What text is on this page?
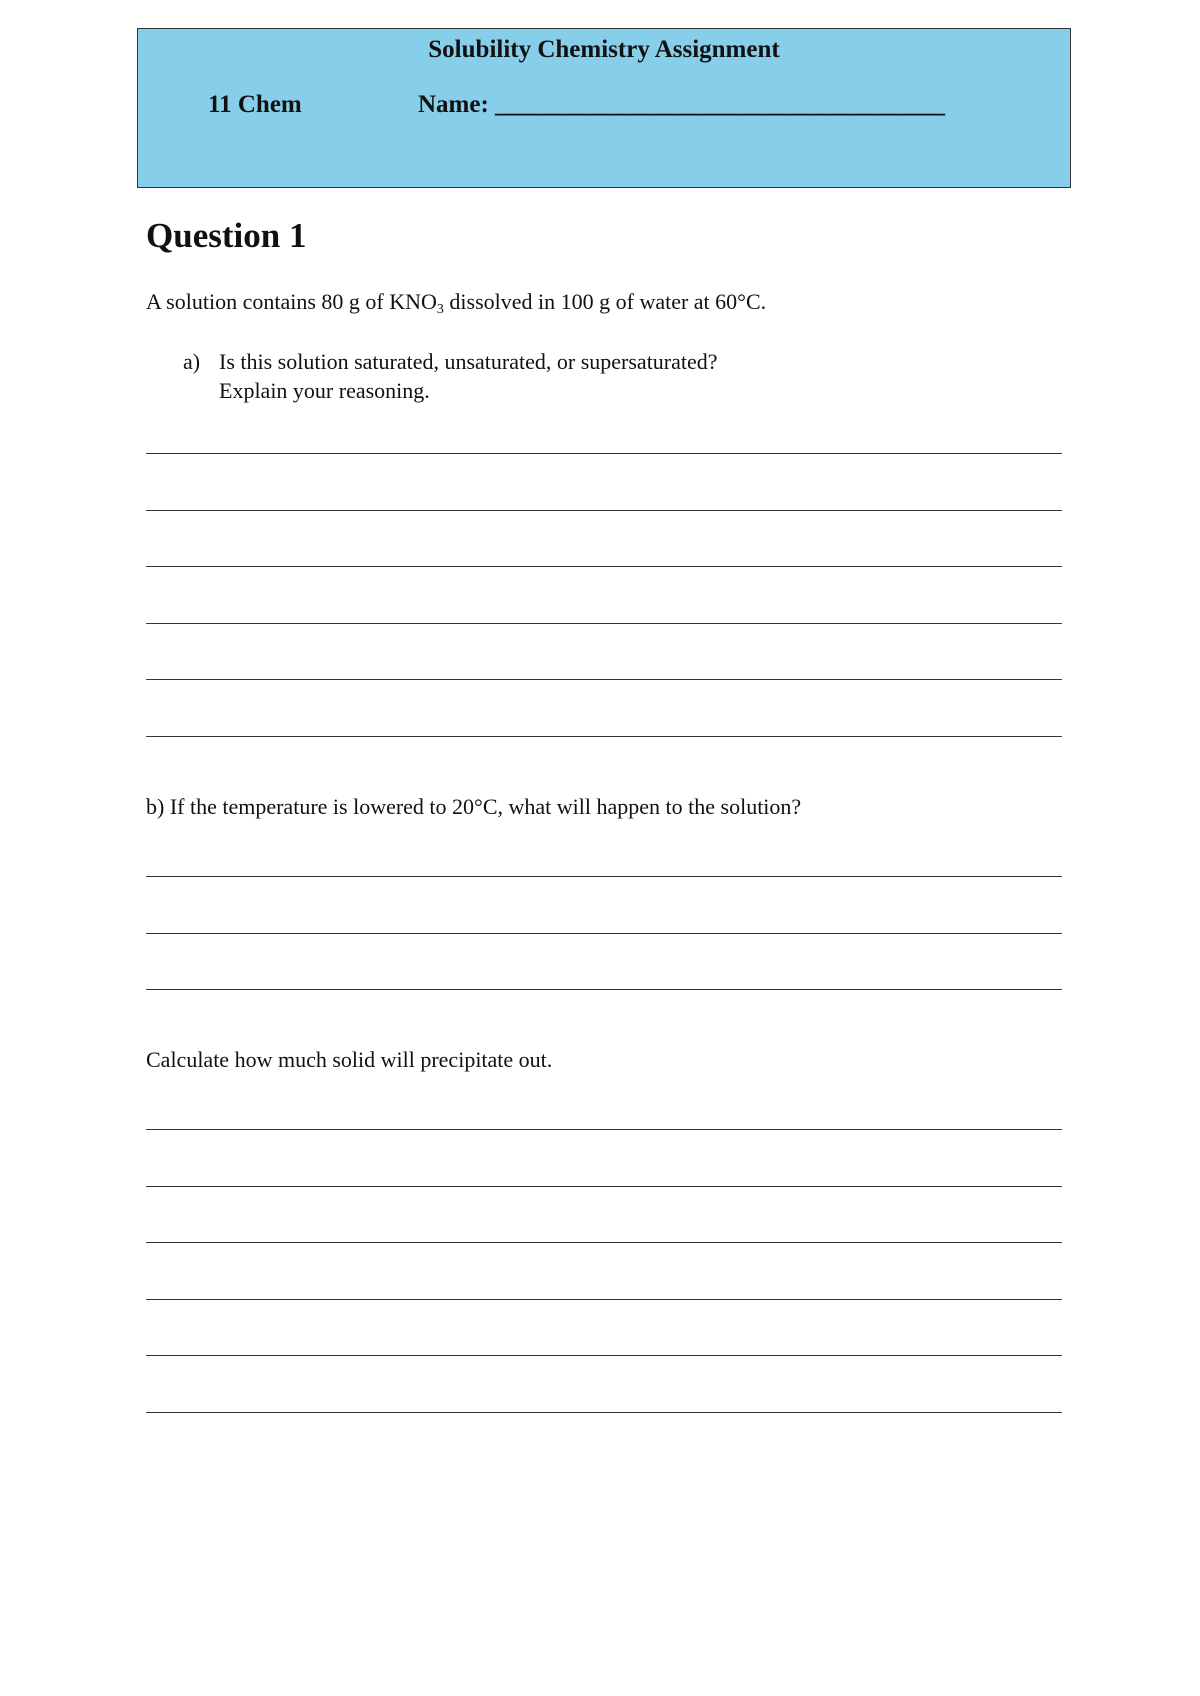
Solubility Chemistry Assignment
11 Chem	Name: ____________________________________
Question 1
A solution contains 80 g of $KNO_3$ dissolved in 100 g of water at 60°C.
a) Is this solution saturated, unsaturated, or supersaturated?
Explain your reasoning.
b) If the temperature is lowered to 20°C, what will happen to the solution?
Calculate how much solid will precipitate out.
